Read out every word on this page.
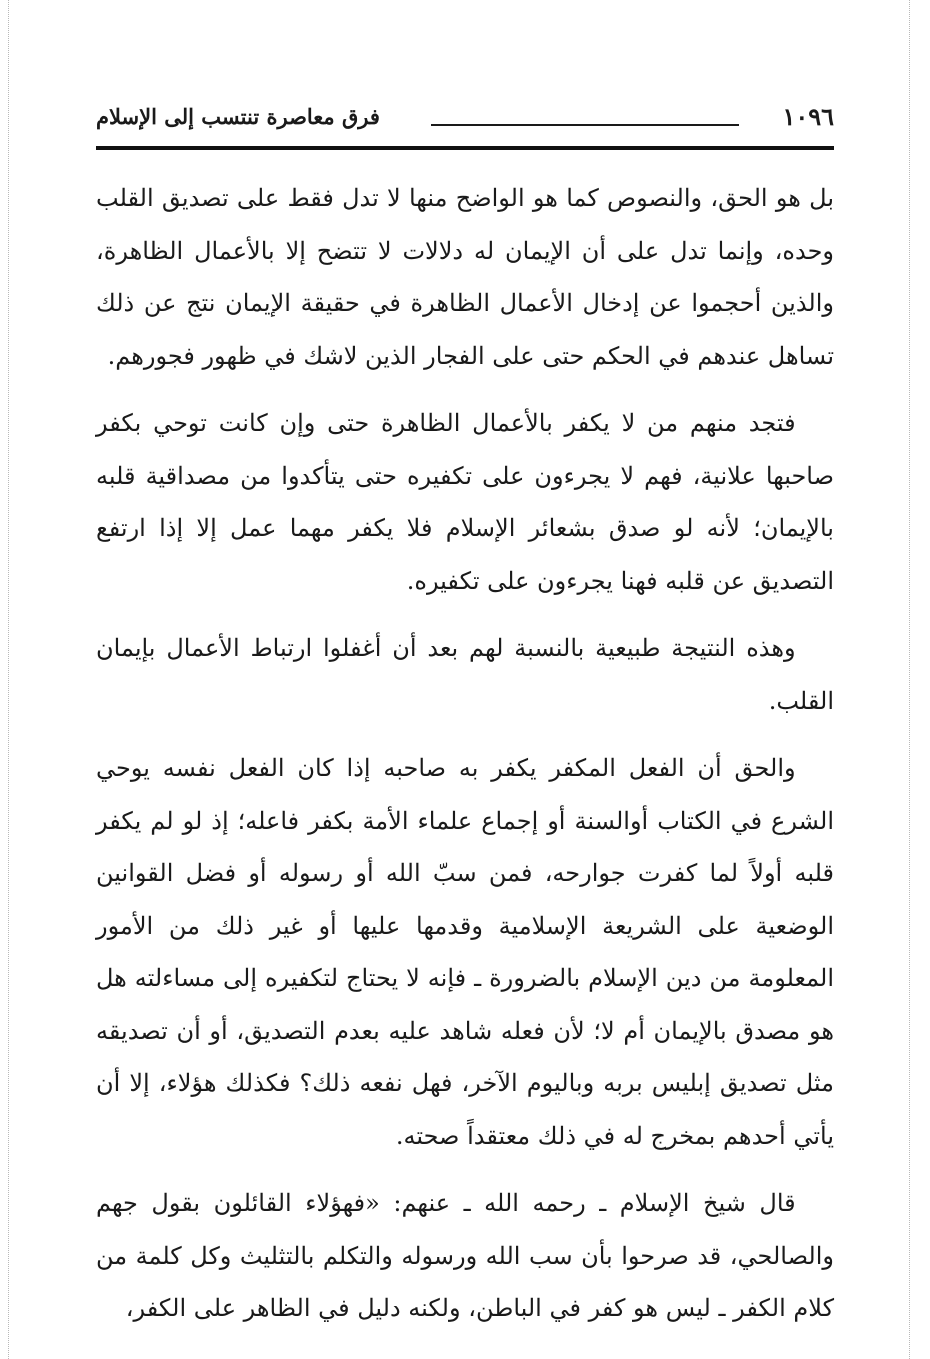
١٠٩٦
فرق معاصرة تنتسب إلى الإسلام

بل هو الحق، والنصوص كما هو الواضح منها لا تدل فقط على تصديق القلب وحده، وإنما تدل على أن الإيمان له دلالات لا تتضح إلا بالأعمال الظاهرة، والذين أحجموا عن إدخال الأعمال الظاهرة في حقيقة الإيمان نتج عن ذلك تساهل عندهم في الحكم حتى على الفجار الذين لاشك في ظهور فجورهم.

فتجد منهم من لا يكفر بالأعمال الظاهرة حتى وإن كانت توحي بكفر صاحبها علانية، فهم لا يجرءون على تكفيره حتى يتأكدوا من مصداقية قلبه بالإيمان؛ لأنه لو صدق بشعائر الإسلام فلا يكفر مهما عمل إلا إذا ارتفع التصديق عن قلبه فهنا يجرءون على تكفيره.

وهذه النتيجة طبيعية بالنسبة لهم بعد أن أغفلوا ارتباط الأعمال بإيمان القلب.

والحق أن الفعل المكفر يكفر به صاحبه إذا كان الفعل نفسه يوحي الشرع في الكتاب أوالسنة أو إجماع علماء الأمة بكفر فاعله؛ إذ لو لم يكفر قلبه أولاً لما كفرت جوارحه، فمن سبّ الله أو رسوله أو فضل القوانين الوضعية على الشريعة الإسلامية وقدمها عليها أو غير ذلك من الأمور المعلومة من دين الإسلام بالضرورة ـ فإنه لا يحتاج لتكفيره إلى مساءلته هل هو مصدق بالإيمان أم لا؛ لأن فعله شاهد عليه بعدم التصديق، أو أن تصديقه مثل تصديق إبليس بربه وباليوم الآخر، فهل نفعه ذلك؟ فكذلك هؤلاء، إلا أن يأتي أحدهم بمخرج له في ذلك معتقداً صحته.

قال شيخ الإسلام ـ رحمه الله ـ عنهم: «فهؤلاء القائلون بقول جهم والصالحي، قد صرحوا بأن سب الله ورسوله والتكلم بالتثليث وكل كلمة من كلام الكفر ـ ليس هو كفر في الباطن، ولكنه دليل في الظاهر على الكفر،
